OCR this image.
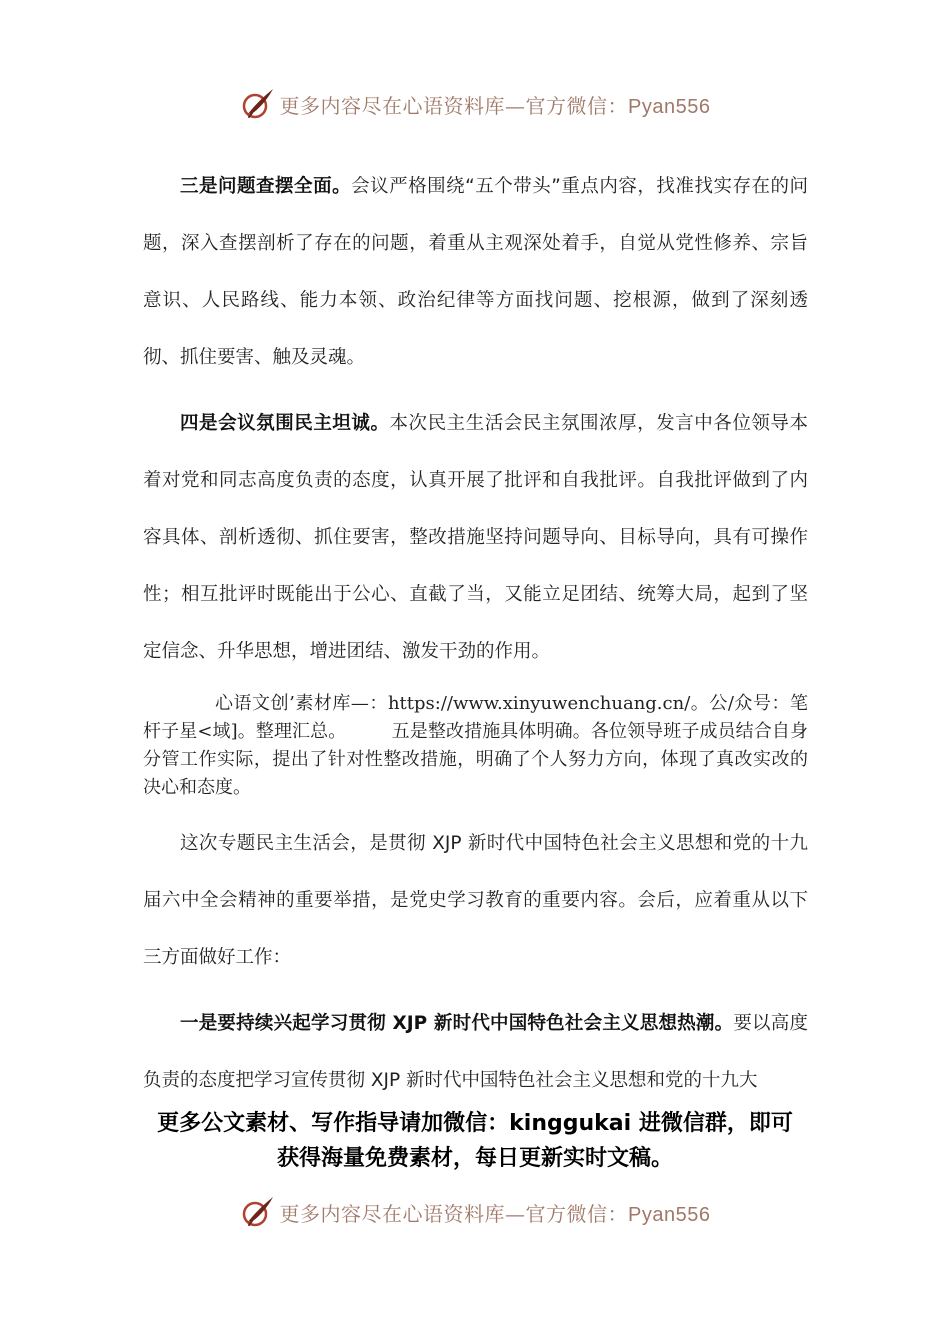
更多内容尽在心语资料库—官方微信：Pyan556

三是问题查摆全面。会议严格围绕“五个带头”重点内容，找准找实存在的问题，深入查摆剖析了存在的问题，着重从主观深处着手，自觉从党性修养、宗旨意识、人民路线、能力本领、政治纪律等方面找问题、挖根源，做到了深刻透彻、抓住要害、触及灵魂。

四是会议氛围民主坦诚。本次民主生活会民主氛围浓厚，发言中各位领导本着对党和同志高度负责的态度，认真开展了批评和自我批评。自我批评做到了内容具体、剖析透彻、抓住要害，整改措施坚持问题导向、目标导向，具有可操作性；相互批评时既能出于公心、直截了当，又能立足团结、统筹大局，起到了坚定信念、升华思想，增进团结、激发干劲的作用。

心语文创’素材库—：https://www.xinyuwenchuang.cn/。公/众号：笔杆子星<域]。整理汇总。　　　五是整改措施具体明确。各位领导班子成员结合自身分管工作实际，提出了针对性整改措施，明确了个人努力方向，体现了真改实改的决心和态度。

这次专题民主生活会，是贯彻 XJP 新时代中国特色社会主义思想和党的十九届六中全会精神的重要举措，是党史学习教育的重要内容。会后，应着重从以下三方面做好工作：

一是要持续兴起学习贯彻 XJP 新时代中国特色社会主义思想热潮。要以高度负责的态度把学习宣传贯彻 XJP 新时代中国特色社会主义思想和党的十九大

更多公文素材、写作指导请加微信：kinggukai 进微信群，即可
获得海量免费素材，每日更新实时文稿。
更多内容尽在心语资料库—官方微信：Pyan556
